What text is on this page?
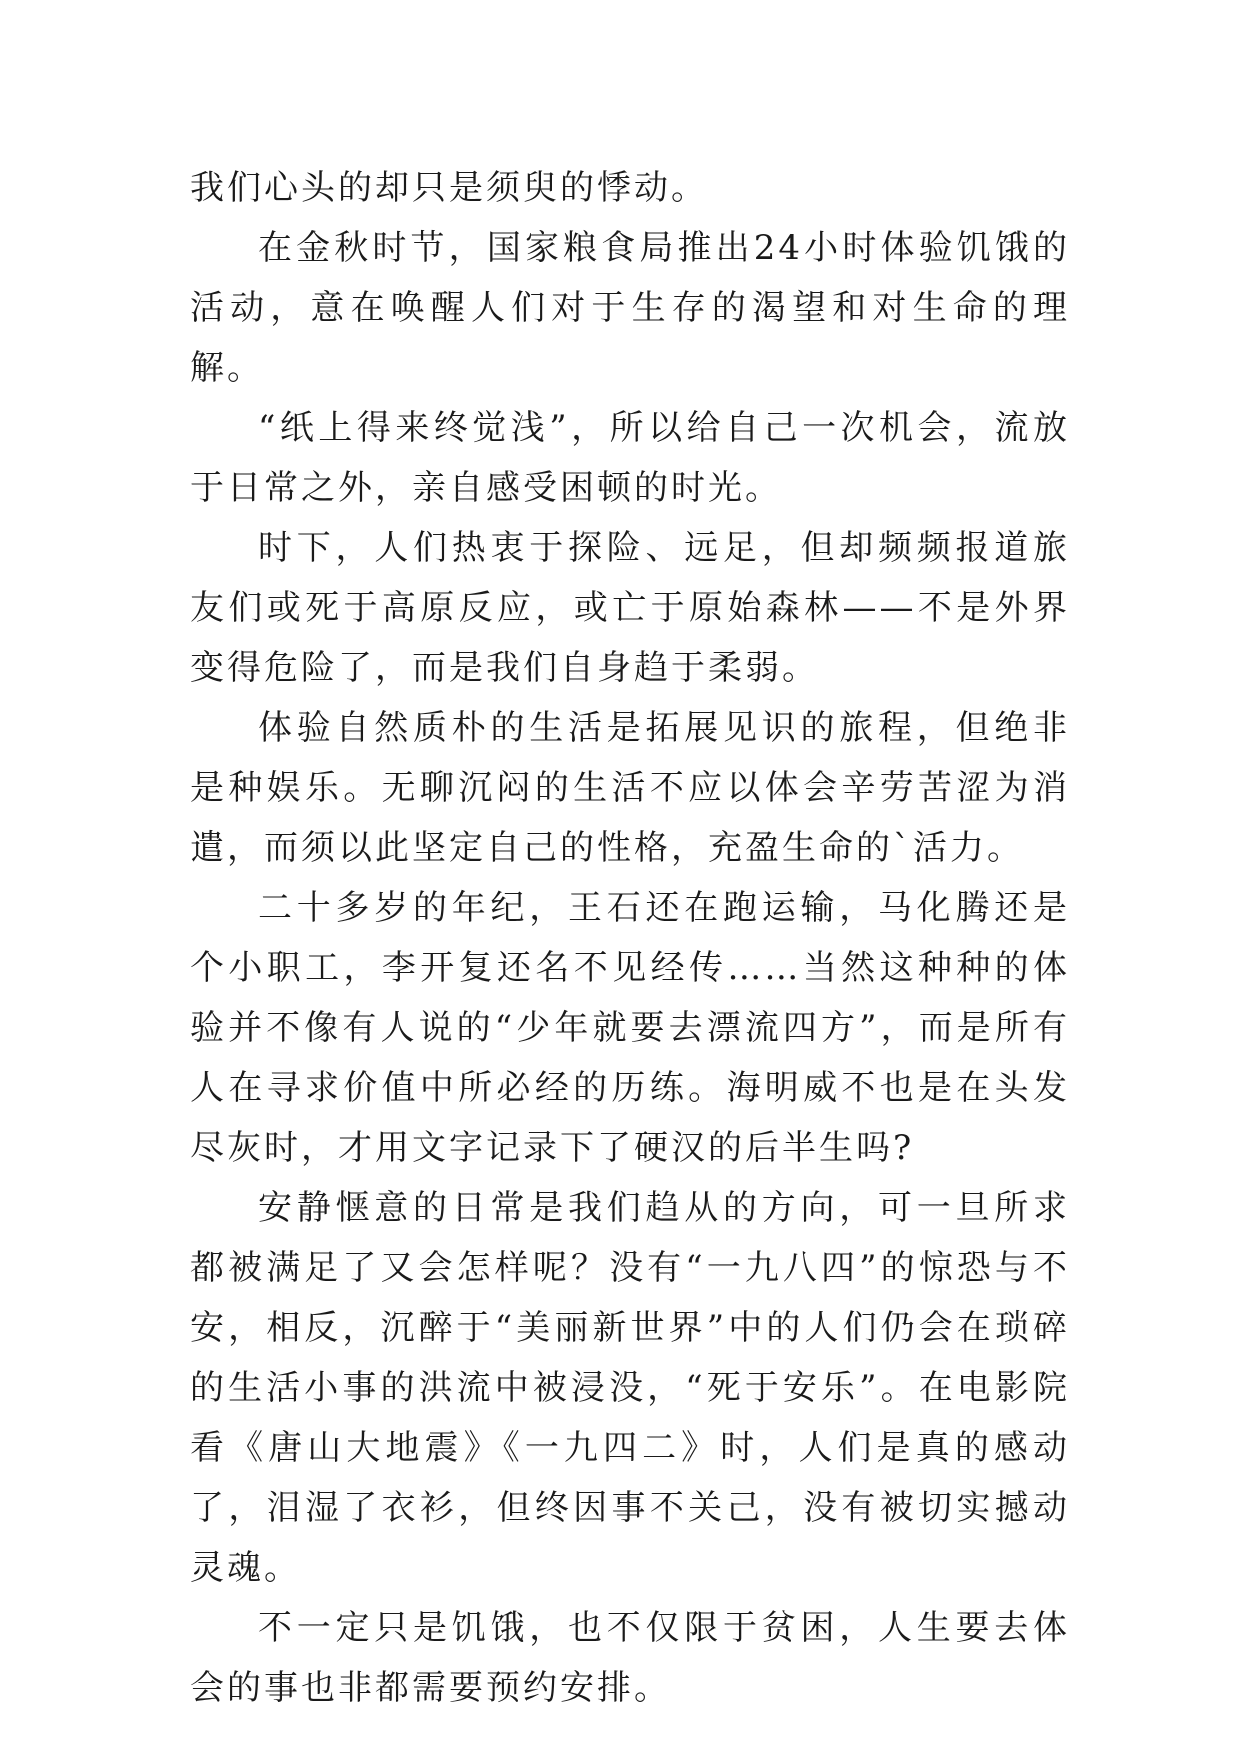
我们心头的却只是须臾的悸动。

在金秋时节，国家粮食局推出24小时体验饥饿的活动，意在唤醒人们对于生存的渴望和对生命的理解。

“纸上得来终觉浅”，所以给自己一次机会，流放于日常之外，亲自感受困顿的时光。

时下，人们热衷于探险、远足，但却频频报道旅友们或死于高原反应，或亡于原始森林——不是外界变得危险了，而是我们自身趋于柔弱。

体验自然质朴的生活是拓展见识的旅程，但绝非是种娱乐。无聊沉闷的生活不应以体会辛劳苦涩为消遣，而须以此坚定自己的性格，充盈生命的`活力。

二十多岁的年纪，王石还在跑运输，马化腾还是个小职工，李开复还名不见经传……当然这种种的体验并不像有人说的“少年就要去漂流四方”，而是所有人在寻求价值中所必经的历练。海明威不也是在头发尽灰时，才用文字记录下了硬汉的后半生吗?

安静惬意的日常是我们趋从的方向，可一旦所求都被满足了又会怎样呢？没有“一九八四”的惊恐与不安，相反，沉醉于“美丽新世界”中的人们仍会在琐碎的生活小事的洪流中被浸没，“死于安乐”。在电影院看《唐山大地震》《一九四二》时，人们是真的感动了，泪湿了衣衫，但终因事不关己，没有被切实撼动灵魂。

不一定只是饥饿，也不仅限于贫困，人生要去体会的事也非都需要预约安排。
